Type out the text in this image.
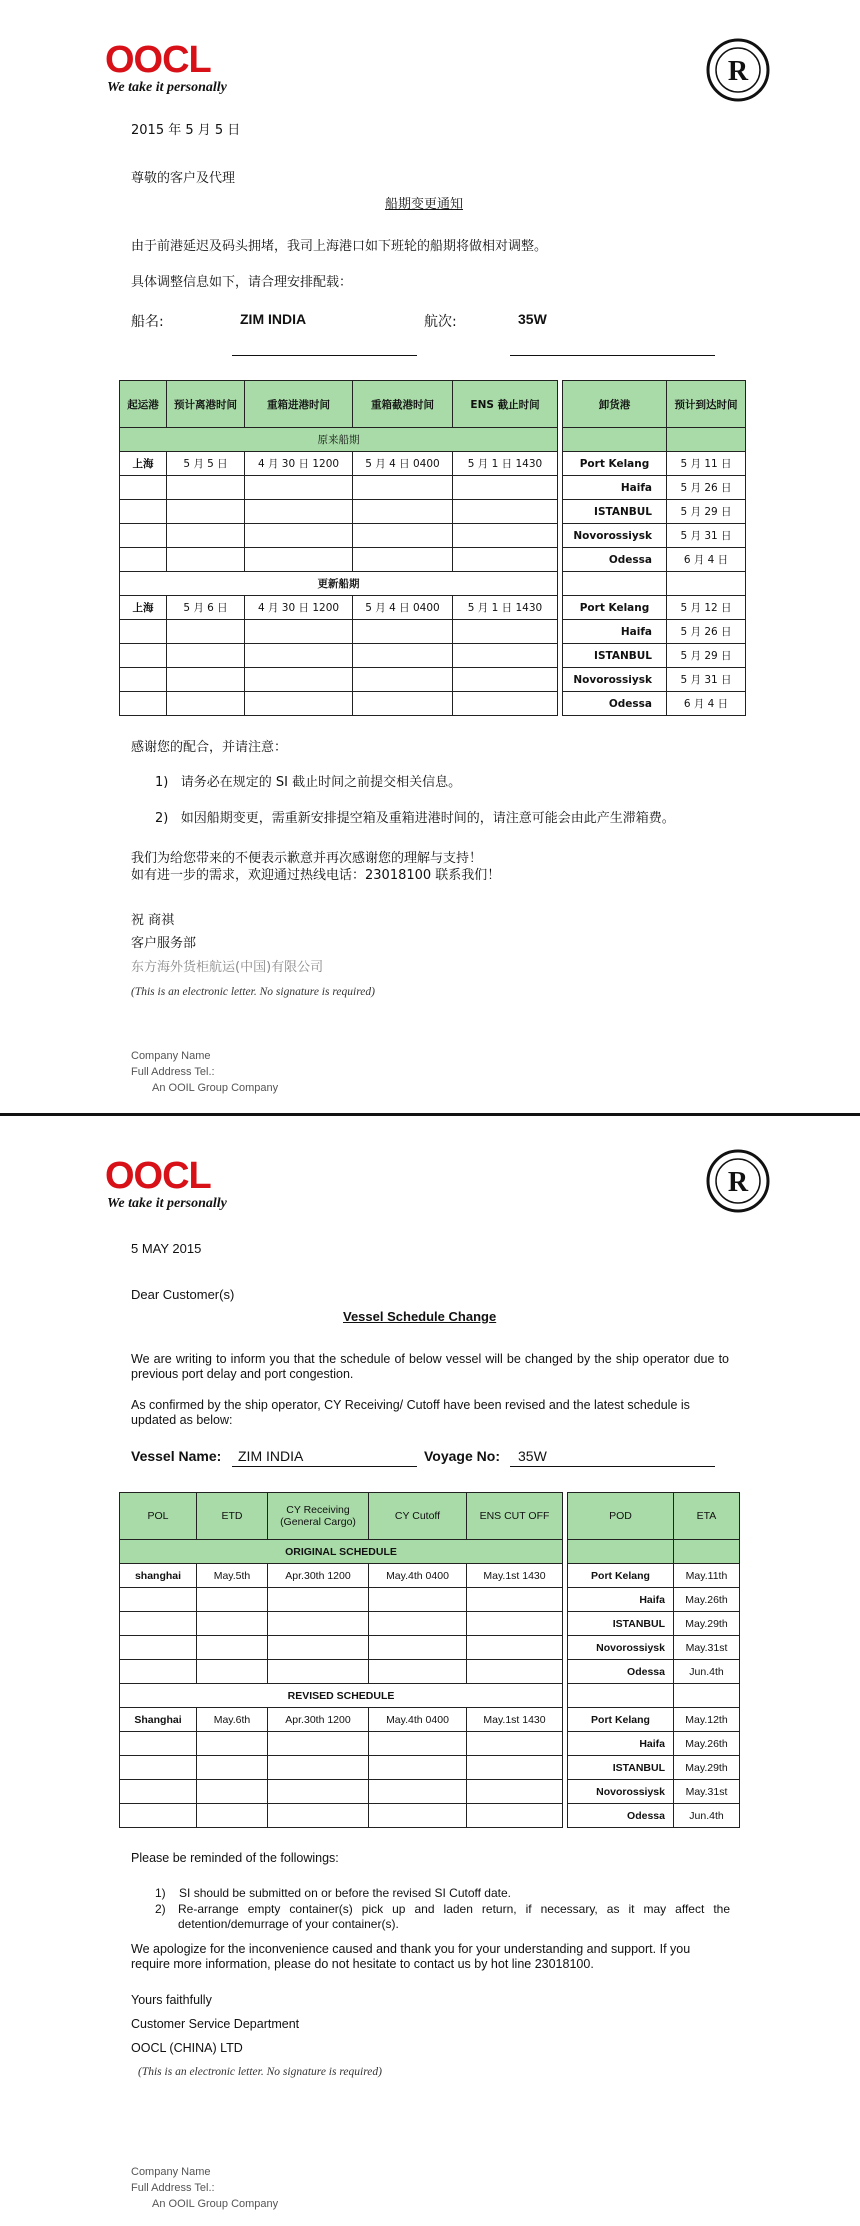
OOCL
We take it personally
R
2015 年 5 月 5 日
尊敬的客户及代理
船期变更通知
由于前港延迟及码头拥堵，我司上海港口如下班轮的船期将做相对调整。
具体调整信息如下，请合理安排配载：
船名:	ZIM INDIA	航次:	35W
起运港	预计离港时间	重箱进港时间	重箱截港时间	ENS 截止时间		卸货港	预计到达时间
原来船期							
上海	5 月 5 日	4 月 30 日 1200	5 月 4 日 0400	5 月 1 日 1430		Port Kelang	5 月 11 日
						Haifa	5 月 26 日
						ISTANBUL	5 月 29 日
						Novorossiysk	5 月 31 日
						Odessa	6 月 4 日
更新船期							
上海	5 月 6 日	4 月 30 日 1200	5 月 4 日 0400	5 月 1 日 1430		Port Kelang	5 月 12 日
						Haifa	5 月 26 日
						ISTANBUL	5 月 29 日
						Novorossiysk	5 月 31 日
						Odessa	6 月 4 日
感谢您的配合，并请注意：
1)   请务必在规定的 SI 截止时间之前提交相关信息。
2)   如因船期变更，需重新安排提空箱及重箱进港时间的，请注意可能会由此产生滞箱费。
我们为给您带来的不便表示歉意并再次感谢您的理解与支持！
如有进一步的需求，欢迎通过热线电话：23018100 联系我们！
祝 商祺
客户服务部
东方海外货柜航运(中国)有限公司
(This is an electronic letter. No signature is required)
Company Name
Full Address Tel.:
An OOIL Group Company
OOCL
We take it personally
R
5 MAY 2015
Dear Customer(s)
Vessel Schedule Change
We are writing to inform you that the schedule of below vessel will be changed by the ship operator due to previous port delay and port congestion.
As confirmed by the ship operator, CY Receiving/ Cutoff have been revised and the latest schedule is updated as below:
Vessel Name: ZIM INDIA	Voyage No: 35W
POL	ETD	CY Receiving (General Cargo)	CY Cutoff	ENS CUT OFF		POD	ETA
ORIGINAL SCHEDULE							
shanghai	May.5th	Apr.30th 1200	May.4th 0400	May.1st 1430		Port Kelang	May.11th
						Haifa	May.26th
						ISTANBUL	May.29th
						Novorossiysk	May.31st
						Odessa	Jun.4th
REVISED SCHEDULE							
Shanghai	May.6th	Apr.30th 1200	May.4th 0400	May.1st 1430		Port Kelang	May.12th
						Haifa	May.26th
						ISTANBUL	May.29th
						Novorossiysk	May.31st
						Odessa	Jun.4th
Please be reminded of the followings:
1)    SI should be submitted on or before the revised SI Cutoff date.
2) Re-arrange empty container(s) pick up and laden return, if necessary, as it may affect the detention/demurrage of your container(s).
We apologize for the inconvenience caused and thank you for your understanding and support. If you require more information, please do not hesitate to contact us by hot line 23018100.
Yours faithfully
Customer Service Department
OOCL (CHINA) LTD
(This is an electronic letter. No signature is required)
Company Name
Full Address Tel.:
An OOIL Group Company
